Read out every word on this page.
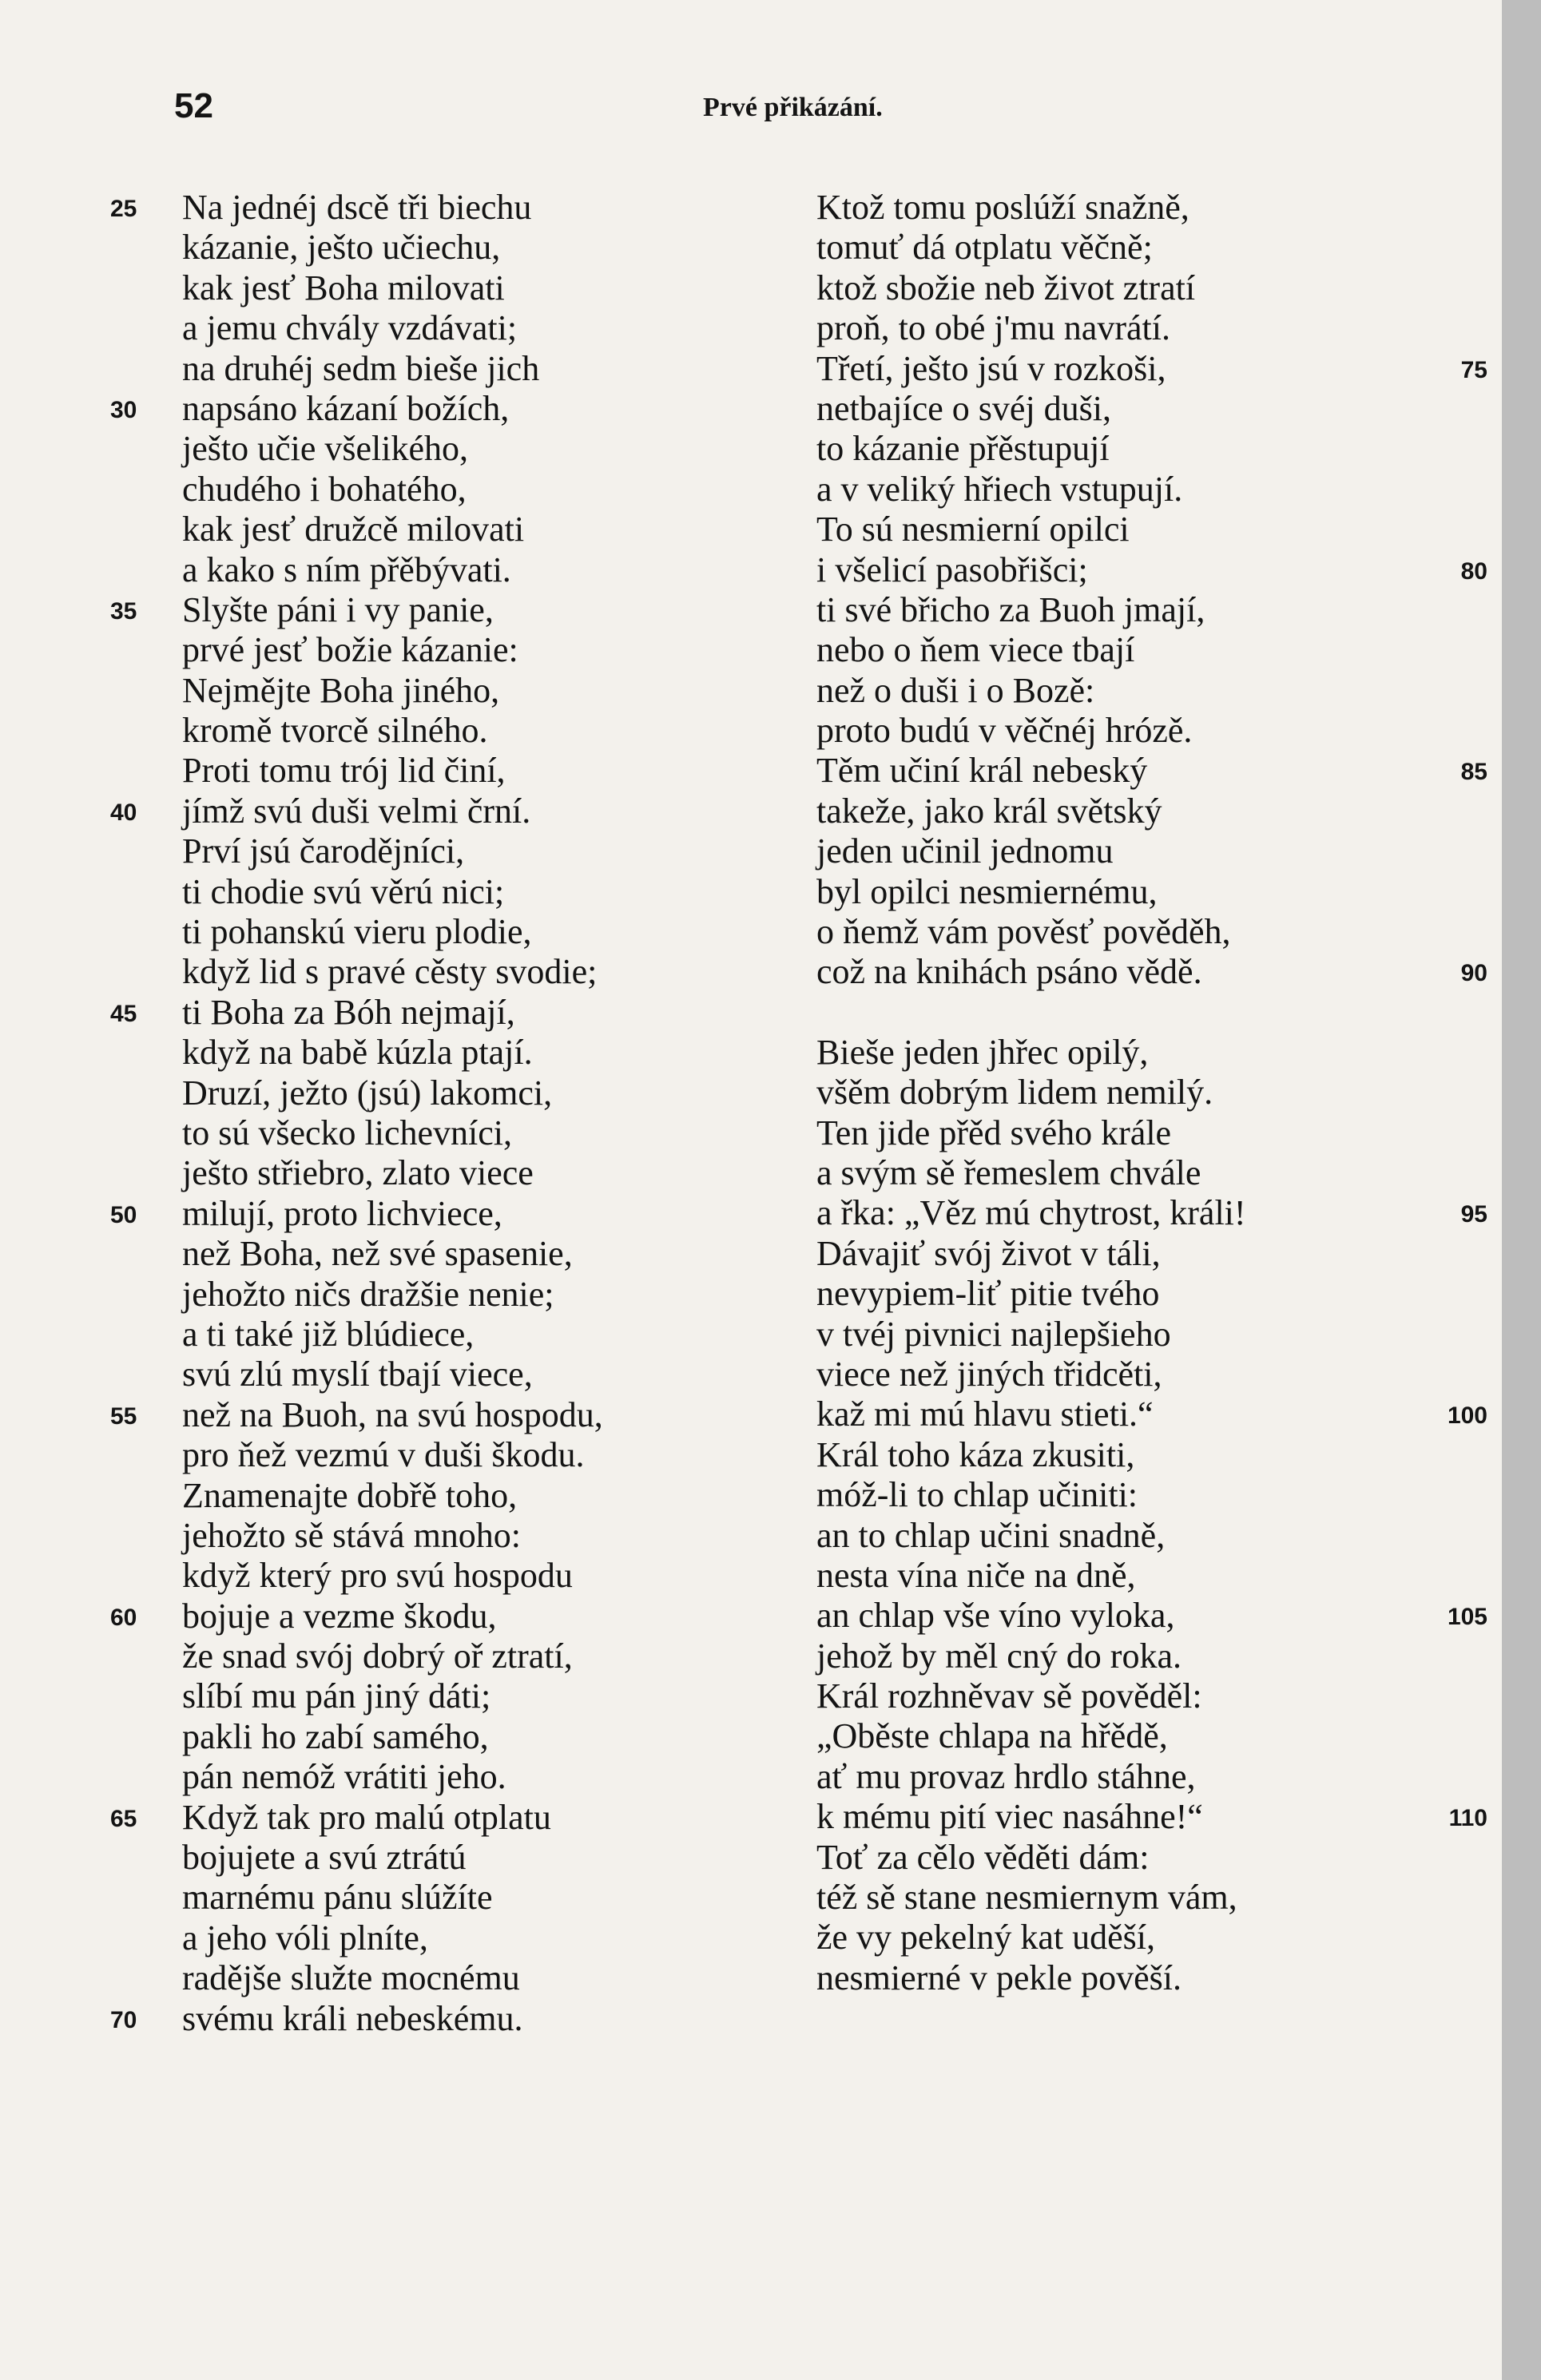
52	Prvé přikázání.
25	Na jednéj dscě tři biechu
kázanie, ješto učiechu,
kak jesť Boha milovati
a jemu chvály vzdávati;
na druhéj sedm bieše jich
30	napsáno kázaní božích,
ješto učie všelikého,
chudého i bohatého,
kak jesť družcě milovati
a kako s ním přěbývati.
35	Slyšte páni i vy panie,
prvé jesť božie kázanie:
Nejmějte Boha jiného,
kromě tvorcě silného.
Proti tomu trój lid činí,
40	jímž svú duši velmi črní.
Prví jsú čarodějníci,
ti chodie svú věrú nici;
ti pohanskú vieru plodie,
když lid s pravé cěsty svodie;
45	ti Boha za Bóh nejmají,
když na babě kúzla ptají.
Druzí, ježto (jsú) lakomci,
to sú všecko lichevníci,
ješto střiebro, zlato viece
50	milují, proto lichviece,
než Boha, než své spasenie,
jehožto ničs dražšie nenie;
a ti také již blúdiece,
svú zlú myslí tbají viece,
55	než na Buoh, na svú hospodu,
pro ňež vezmú v duši škodu.
Znamenajte dobřě toho,
jehožto sě stává mnoho:
když který pro svú hospodu
60	bojuje a vezme škodu,
že snad svój dobrý oř ztratí,
slíbí mu pán jiný dáti;
pakli ho zabí samého,
pán nemóž vrátiti jeho.
65	Když tak pro malú otplatu
bojujete a svú ztrátú
marnému pánu slúžíte
a jeho vóli plníte,
radějše služte mocnému
70	svému králi nebeskému.
Ktož tomu poslúží snažně,
tomuť dá otplatu věčně;
ktož sbožie neb život ztratí
proň, to obé j'mu navrátí.
75
Třetí, ješto jsú v rozkoši,
netbajíce o svéj duši,
to kázanie přěstupují
a v veliký hřiech vstupují.
To sú nesmierní opilci
80
i všelicí pasobřišci;
ti své břicho za Buoh jmají,
nebo o ňem viece tbají
než o duši i o Bozě:
proto budú v věčnéj hrózě.
85
Těm učiní král nebeský
takeže, jako král světský
jeden učinil jednomu
byl opilci nesmiernému,
o ňemž vám pověsť pověděh,
90
což na knihách psáno vědě.
Bieše jeden jhřec opilý,
všěm dobrým lidem nemilý.
Ten jide přěd svého krále
a svým sě řemeslem chvále
95
a řka: „Věz mú chytrost, králi!
Dávajiť svój život v táli,
nevypiem-liť pitie tvého
v tvéj pivnici najlepšieho
viece než jiných třidcěti,
100
kaž mi mú hlavu stieti.“
Král toho káza zkusiti,
móž-li to chlap učiniti:
an to chlap učini snadně,
nesta vína niče na dně,
105
an chlap vše víno vyloka,
jehož by měl cný do roka.
Král rozhněvav sě pověděl:
„Oběste chlapa na hřědě,
ať mu provaz hrdlo stáhne,
110
k mému pití viec nasáhne!“
Toť za cělo věděti dám:
též sě stane nesmiernym vám,
že vy pekelný kat uděší,
nesmierné v pekle pověší.
